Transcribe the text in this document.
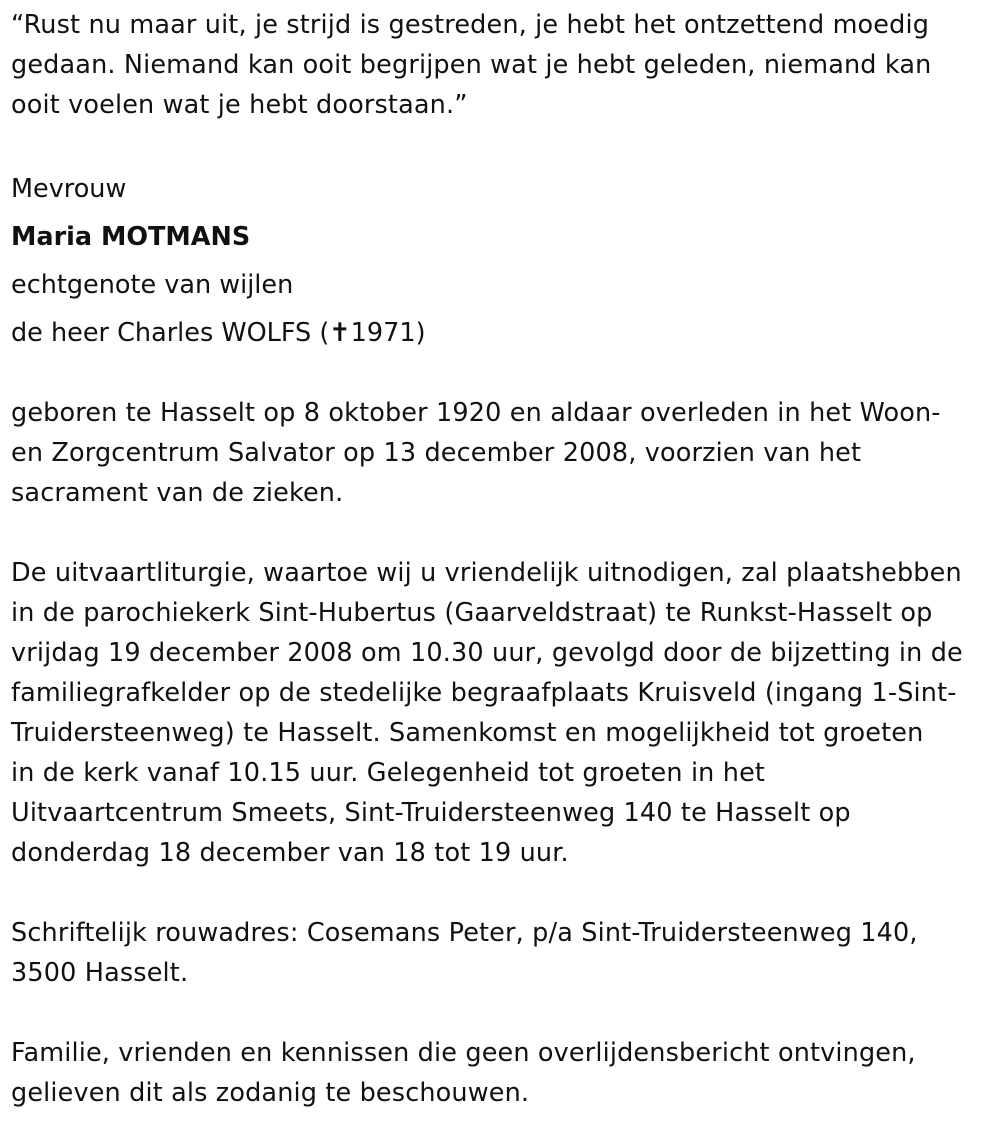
“Rust nu maar uit, je strijd is gestreden, je hebt het ontzettend moedig
gedaan. Niemand kan ooit begrijpen wat je hebt geleden, niemand kan
ooit voelen wat je hebt doorstaan.”

Mevrouw
Maria MOTMANS
echtgenote van wijlen
de heer Charles WOLFS (✝1971)

geboren te Hasselt op 8 oktober 1920 en aldaar overleden in het Woon-
en Zorgcentrum Salvator op 13 december 2008, voorzien van het
sacrament van de zieken.

De uitvaartliturgie, waartoe wij u vriendelijk uitnodigen, zal plaatshebben
in de parochiekerk Sint-Hubertus (Gaarveldstraat) te Runkst-Hasselt op
vrijdag 19 december 2008 om 10.30 uur, gevolgd door de bijzetting in de
familiegrafkelder op de stedelijke begraafplaats Kruisveld (ingang 1-Sint-
Truidersteenweg) te Hasselt. Samenkomst en mogelijkheid tot groeten
in de kerk vanaf 10.15 uur. Gelegenheid tot groeten in het
Uitvaartcentrum Smeets, Sint-Truidersteenweg 140 te Hasselt op
donderdag 18 december van 18 tot 19 uur.

Schriftelijk rouwadres: Cosemans Peter, p/a Sint-Truidersteenweg 140,
3500 Hasselt.

Familie, vrienden en kennissen die geen overlijdensbericht ontvingen,
gelieven dit als zodanig te beschouwen.
